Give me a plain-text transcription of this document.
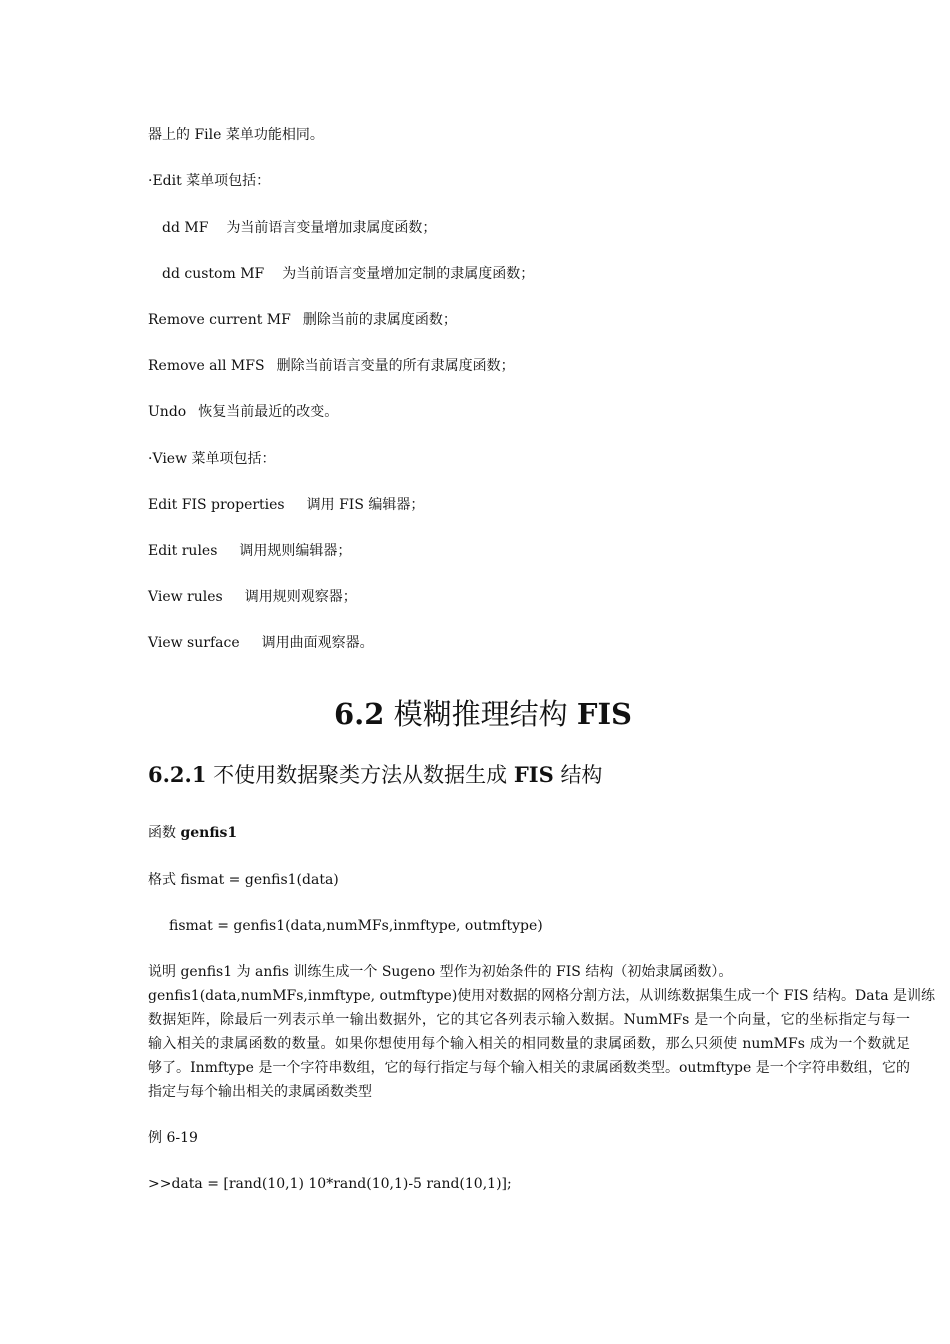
器上的 File 菜单功能相同。
·Edit 菜单项包括：
dd MF 为当前语言变量增加隶属度函数；
dd custom MF 为当前语言变量增加定制的隶属度函数；
Remove current MF 删除当前的隶属度函数；
Remove all MFS 删除当前语言变量的所有隶属度函数；
Undo 恢复当前最近的改变。
·View 菜单项包括：
Edit FIS properties 调用 FIS 编辑器；
Edit rules 调用规则编辑器；
View rules 调用规则观察器；
View surface 调用曲面观察器。
6.2 模糊推理结构 FIS
6.2.1 不使用数据聚类方法从数据生成 FIS 结构
函数 genfis1
格式 fismat = genfis1(data)
fismat = genfis1(data,numMFs,inmftype, outmftype)
说明 genfis1 为 anfis 训练生成一个 Sugeno 型作为初始条件的 FIS 结构（初始隶属函数）。
genfis1(data,numMFs,inmftype, outmftype)使用对数据的网格分割方法，从训练数据集生成一个 FIS 结构。Data 是训练
数据矩阵，除最后一列表示单一输出数据外，它的其它各列表示输入数据。NumMFs 是一个向量，它的坐标指定与每一
输入相关的隶属函数的数量。如果你想使用每个输入相关的相同数量的隶属函数，那么只须使 numMFs 成为一个数就足
够了。Inmftype 是一个字符串数组，它的每行指定与每个输入相关的隶属函数类型。outmftype 是一个字符串数组，它的
指定与每个输出相关的隶属函数类型
例 6-19
>>data = [rand(10,1) 10*rand(10,1)-5 rand(10,1)];
